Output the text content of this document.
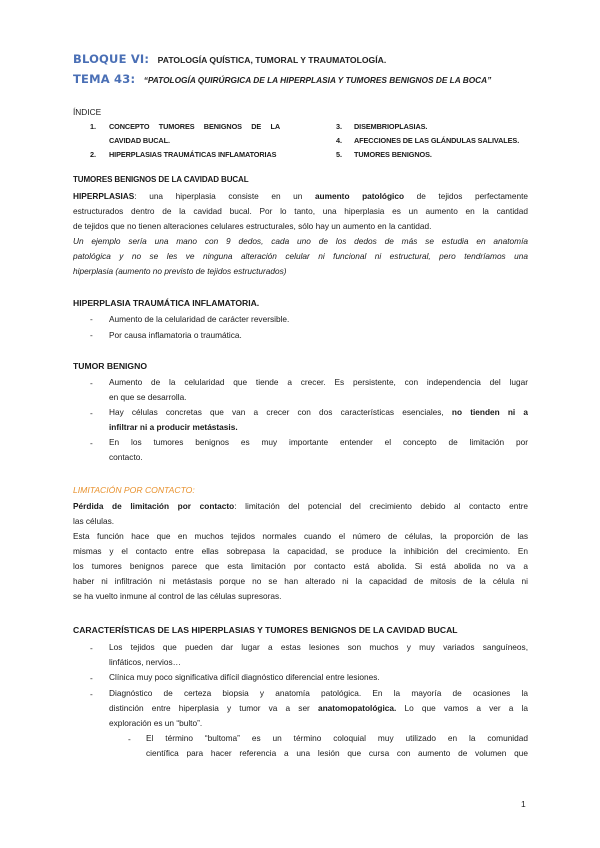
BLOQUE VI: PATOLOGÍA QUÍSTICA, TUMORAL Y TRAUMATOLOGÍA.
TEMA 43: “PATOLOGÍA QUIRÚRGICA DE LA HIPERPLASIA Y TUMORES BENIGNOS DE LA BOCA”
ÍNDICE
1. CONCEPTO TUMORES BENIGNOS DE LA
CAVIDAD BUCAL.
2. HIPERPLASIAS TRAUMÁTICAS INFLAMATORIAS
3. DISEMBRIOPLASIAS.
4. AFECCIONES DE LAS GLÁNDULAS SALIVALES.
5. TUMORES BENIGNOS.
TUMORES BENIGNOS DE LA CAVIDAD BUCAL
HIPERPLASIAS: una hiperplasia consiste en un aumento patológico de tejidos perfectamente
estructurados dentro de la cavidad bucal. Por lo tanto, una hiperplasia es un aumento en la cantidad
de tejidos que no tienen alteraciones celulares estructurales, sólo hay un aumento en la cantidad.
Un ejemplo sería una mano con 9 dedos, cada uno de los dedos de más se estudia en anatomía
patológica y no se les ve ninguna alteración celular ni funcional ni estructural, pero tendríamos una
hiperplasia (aumento no previsto de tejidos estructurados)
HIPERPLASIA TRAUMÁTICA INFLAMATORIA.
- Aumento de la celularidad de carácter reversible.
- Por causa inflamatoria o traumática.
TUMOR BENIGNO
- Aumento de la celularidad que tiende a crecer. Es persistente, con independencia del lugar
en que se desarrolla.
- Hay células concretas que van a crecer con dos características esenciales, no tienden ni a
infiltrar ni a producir metástasis.
- En los tumores benignos es muy importante entender el concepto de limitación por
contacto.
LIMITACIÓN POR CONTACTO:
Pérdida de limitación por contacto: limitación del potencial del crecimiento debido al contacto entre
las células.
Esta función hace que en muchos tejidos normales cuando el número de células, la proporción de las
mismas y el contacto entre ellas sobrepasa la capacidad, se produce la inhibición del crecimiento. En
los tumores benignos parece que esta limitación por contacto está abolida. Si está abolida no va a
haber ni infiltración ni metástasis porque no se han alterado ni la capacidad de mitosis de la célula ni
se ha vuelto inmune al control de las células supresoras.
CARACTERÍSTICAS DE LAS HIPERPLASIAS Y TUMORES BENIGNOS DE LA CAVIDAD BUCAL
- Los tejidos que pueden dar lugar a estas lesiones son muchos y muy variados sanguíneos,
linfáticos, nervios…
- Clínica muy poco significativa difícil diagnóstico diferencial entre lesiones.
- Diagnóstico de certeza biopsia y anatomía patológica. En la mayoría de ocasiones la
distinción entre hiperplasia y tumor va a ser anatomopatológica. Lo que vamos a ver a la
exploración es un “bulto”.
- El término “bultoma” es un término coloquial muy utilizado en la comunidad
científica para hacer referencia a una lesión que cursa con aumento de volumen que
1
